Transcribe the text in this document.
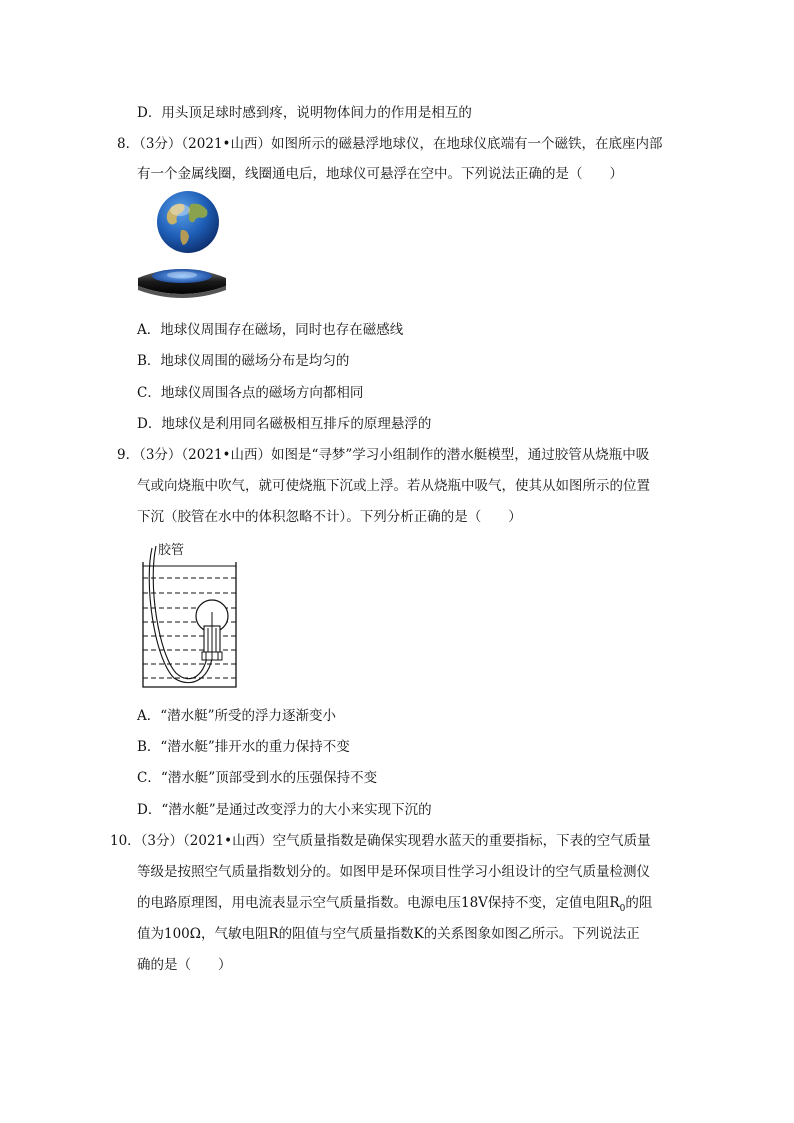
D．用头顶足球时感到疼，说明物体间力的作用是相互的
8．（3分）（2021•山西）如图所示的磁悬浮地球仪，在地球仪底端有一个磁铁，在底座内部
有一个金属线圈，线圈通电后，地球仪可悬浮在空中。下列说法正确的是（　　）
A．地球仪周围存在磁场，同时也存在磁感线
B．地球仪周围的磁场分布是均匀的
C．地球仪周围各点的磁场方向都相同
D．地球仪是利用同名磁极相互排斥的原理悬浮的
9．（3分）（2021•山西）如图是“寻梦”学习小组制作的潜水艇模型，通过胶管从烧瓶中吸
气或向烧瓶中吹气，就可使烧瓶下沉或上浮。若从烧瓶中吸气，使其从如图所示的位置
下沉（胶管在水中的体积忽略不计）。下列分析正确的是（　　）
胶管
A．“潜水艇”所受的浮力逐渐变小
B．“潜水艇”排开水的重力保持不变
C．“潜水艇”顶部受到水的压强保持不变
D．“潜水艇”是通过改变浮力的大小来实现下沉的
10．（3分）（2021•山西）空气质量指数是确保实现碧水蓝天的重要指标，下表的空气质量
等级是按照空气质量指数划分的。如图甲是环保项目性学习小组设计的空气质量检测仪
的电路原理图，用电流表显示空气质量指数。电源电压18V保持不变，定值电阻$R_0$的阻
值为100Ω，气敏电阻R的阻值与空气质量指数K的关系图象如图乙所示。下列说法正
确的是（　　）
